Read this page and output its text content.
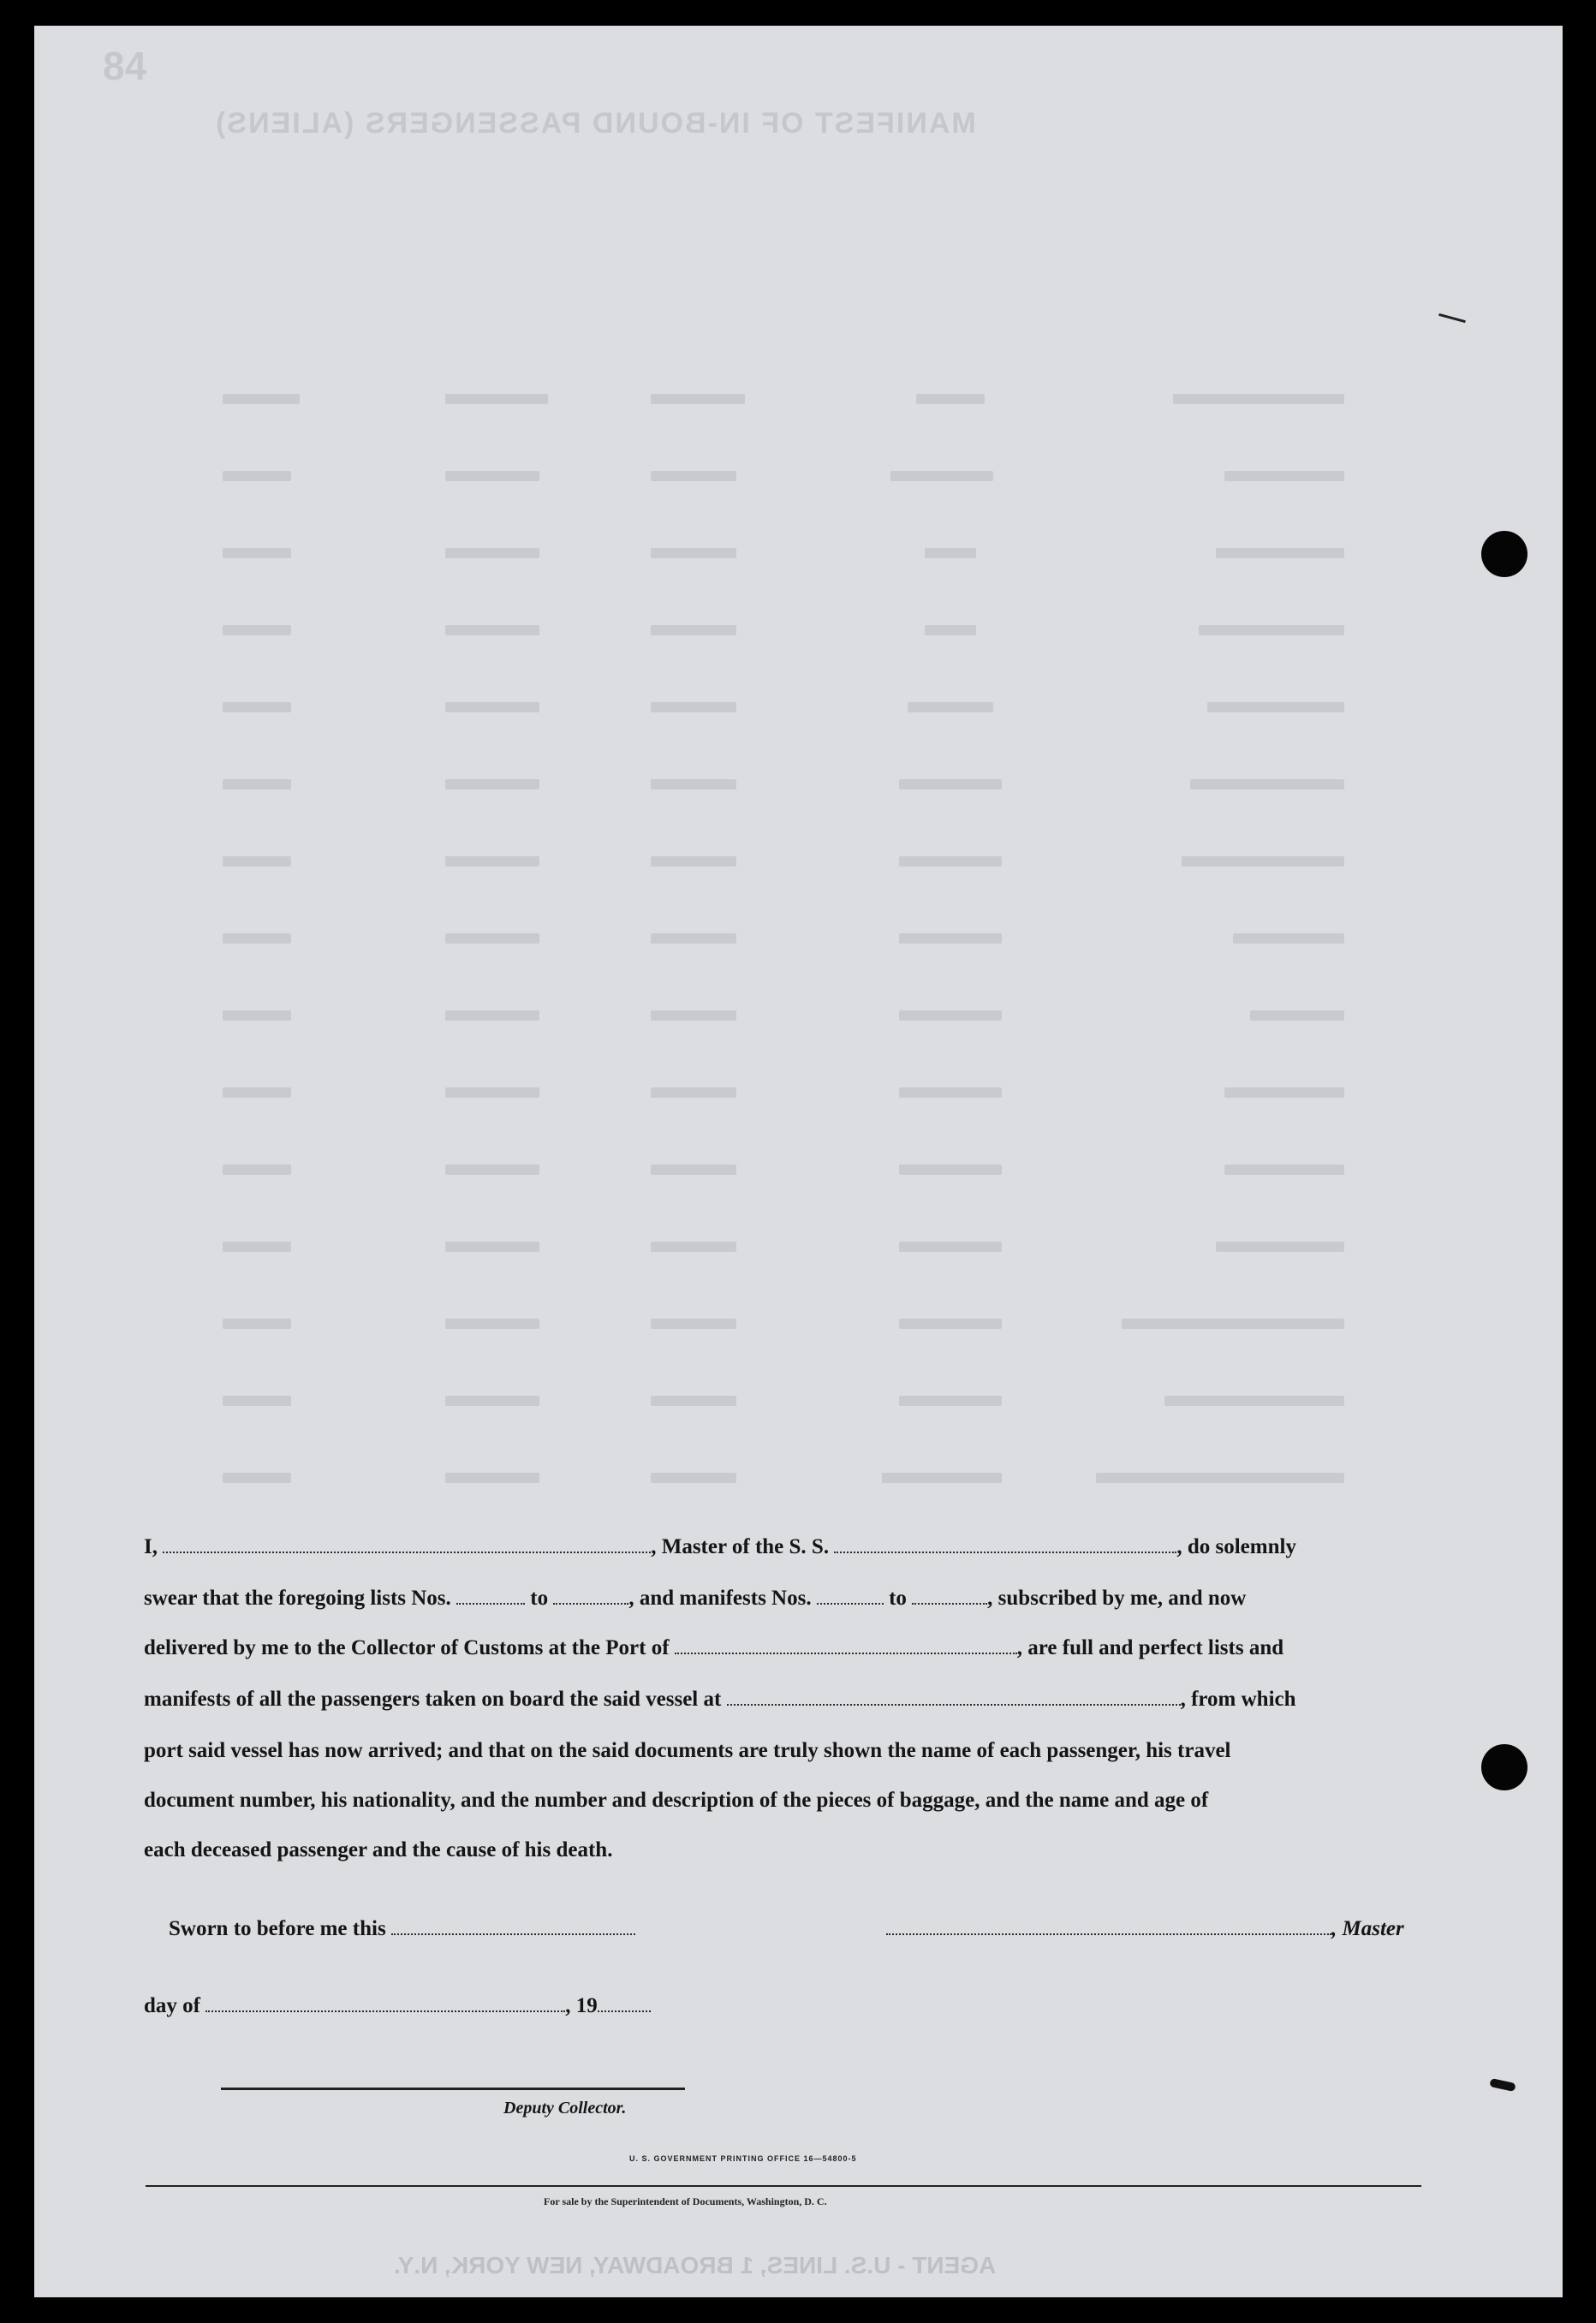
84
MANIFEST OF IN-BOUND PASSENGERS (ALIENS)
I,	, Master of the S. S.	, do solemnly
swear that the foregoing lists Nos.	to	, and manifests Nos.	to	, subscribed by me, and now
delivered by me to the Collector of Customs at the Port of	, are full and perfect lists and
manifests of all the passengers taken on board the said vessel at	, from which
port said vessel has now arrived; and that on the said documents are truly shown the name of each passenger, his travel
document number, his nationality, and the number and description of the pieces of baggage, and the name and age of
each deceased passenger and the cause of his death.
Sworn to before me this	, Master
day of	, 19
Deputy Collector.
U. S. GOVERNMENT PRINTING OFFICE 16—54800-5
For sale by the Superintendent of Documents, Washington, D. C.
AGENT - U.S. LINES, 1 BROADWAY, NEW YORK, N.Y.
